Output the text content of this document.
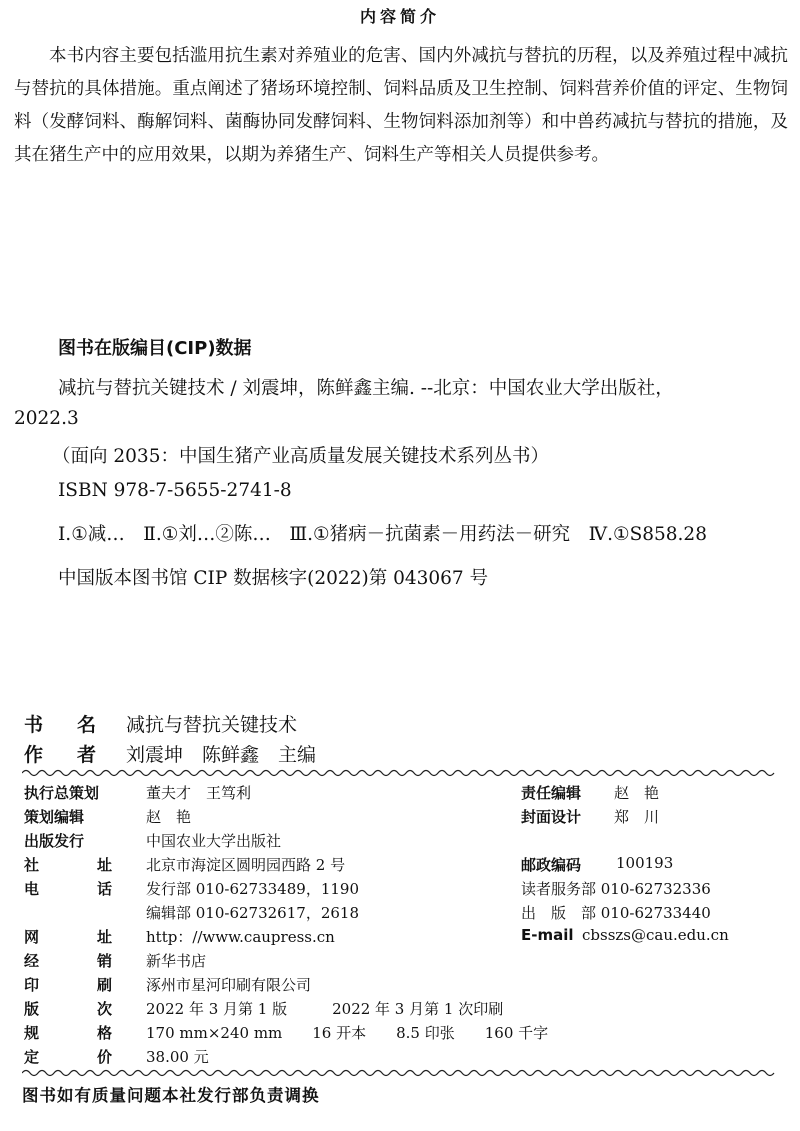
内容简介

本书内容主要包括滥用抗生素对养殖业的危害、国内外减抗与替抗的历程，以及养殖过程中减抗与替抗的具体措施。重点阐述了猪场环境控制、饲料品质及卫生控制、饲料营养价值的评定、生物饲料（发酵饲料、酶解饲料、菌酶协同发酵饲料、生物饲料添加剂等）和中兽药减抗与替抗的措施，及其在猪生产中的应用效果，以期为养猪生产、饲料生产等相关人员提供参考。

图书在版编目(CIP)数据
减抗与替抗关键技术 / 刘震坤，陈鲜鑫主编. --北京：中国农业大学出版社，
2022.3
（面向 2035：中国生猪产业高质量发展关键技术系列丛书）
ISBN 978-7-5655-2741-8
Ⅰ.①减…　Ⅱ.①刘…②陈…　Ⅲ.①猪病－抗菌素－用药法－研究　Ⅳ.①S858.28
中国版本图书馆 CIP 数据核字(2022)第 043067 号
书 名 减抗与替抗关键技术
作 者 刘震坤　陈鲜鑫　主编
执行总策划	董夫才　王笃利	责任编辑 赵　艳
策划编辑	赵　艳	封面设计 郑　川
出版发行	中国农业大学出版社
社	址 北京市海淀区圆明园西路 2 号	邮政编码 100193
电	话 发行部 010-62733489，1190	读者服务部 010-62732336
编辑部 010-62732617，2618	出　版　部 010-62733440
网	址 http：//www.caupress.cn	E-mail cbsszs@cau.edu.cn
经	销 新华书店
印	刷 涿州市星河印刷有限公司
版	次 2022 年 3 月第 1 版　　　2022 年 3 月第 1 次印刷
规	格 170 mm×240 mm　　16 开本　　8.5 印张　　160 千字
定	价 38.00 元
图书如有质量问题本社发行部负责调换
